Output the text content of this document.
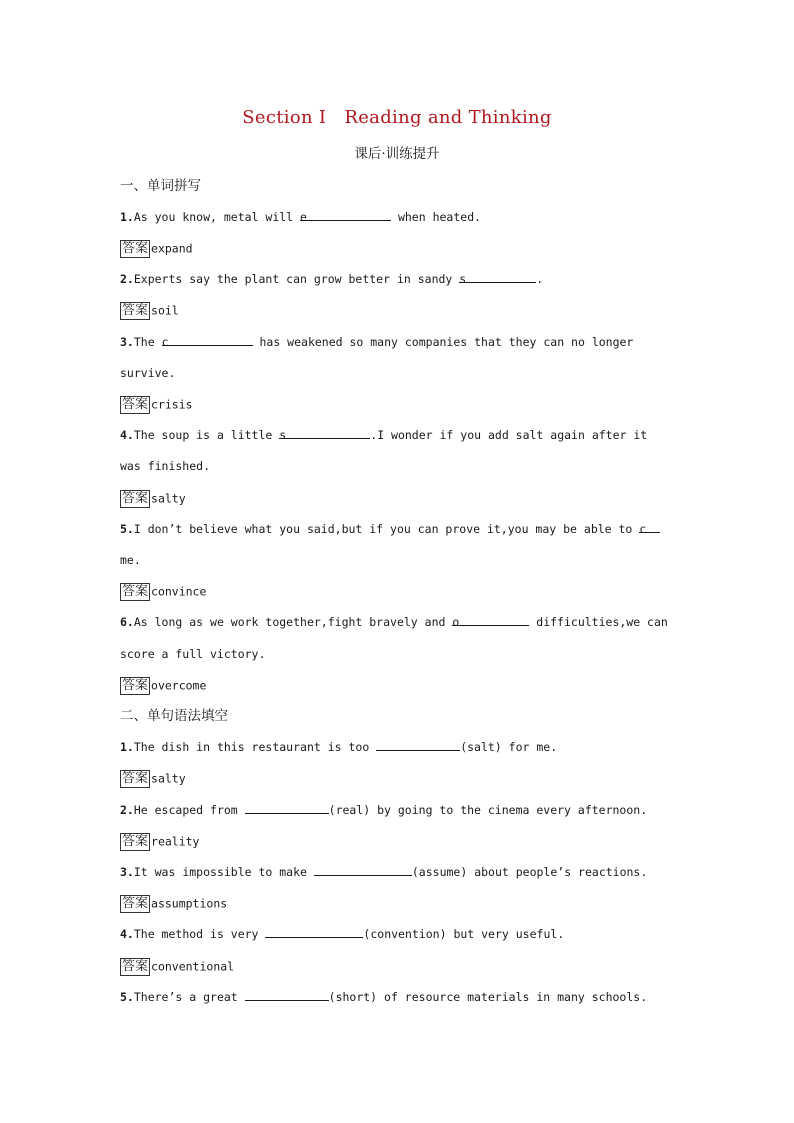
Section Ⅰ   Reading and Thinking
课后·训练提升
一、单词拼写
1.As you know, metal will e	when heated.
答案 expand
2.Experts say the plant can grow better in sandy s	.
答案 soil
3.The c	has weakened so many companies that they can no longer
survive.
答案 crisis
4.The soup is a little s	.I wonder if you add salt again after it
was finished.
答案 salty
5.I don’t believe what you said,but if you can prove it,you may be able to c
me.
答案 convince
6.As long as we work together,fight bravely and o	difficulties,we can
score a full victory.
答案 overcome
二、单句语法填空
1.The dish in this restaurant is too	(salt) for me.
答案 salty
2.He escaped from	(real) by going to the cinema every afternoon.
答案 reality
3.It was impossible to make	(assume) about people’s reactions.
答案 assumptions
4.The method is very	(convention) but very useful.
答案 conventional
5.There’s a great	(short) of resource materials in many schools.
